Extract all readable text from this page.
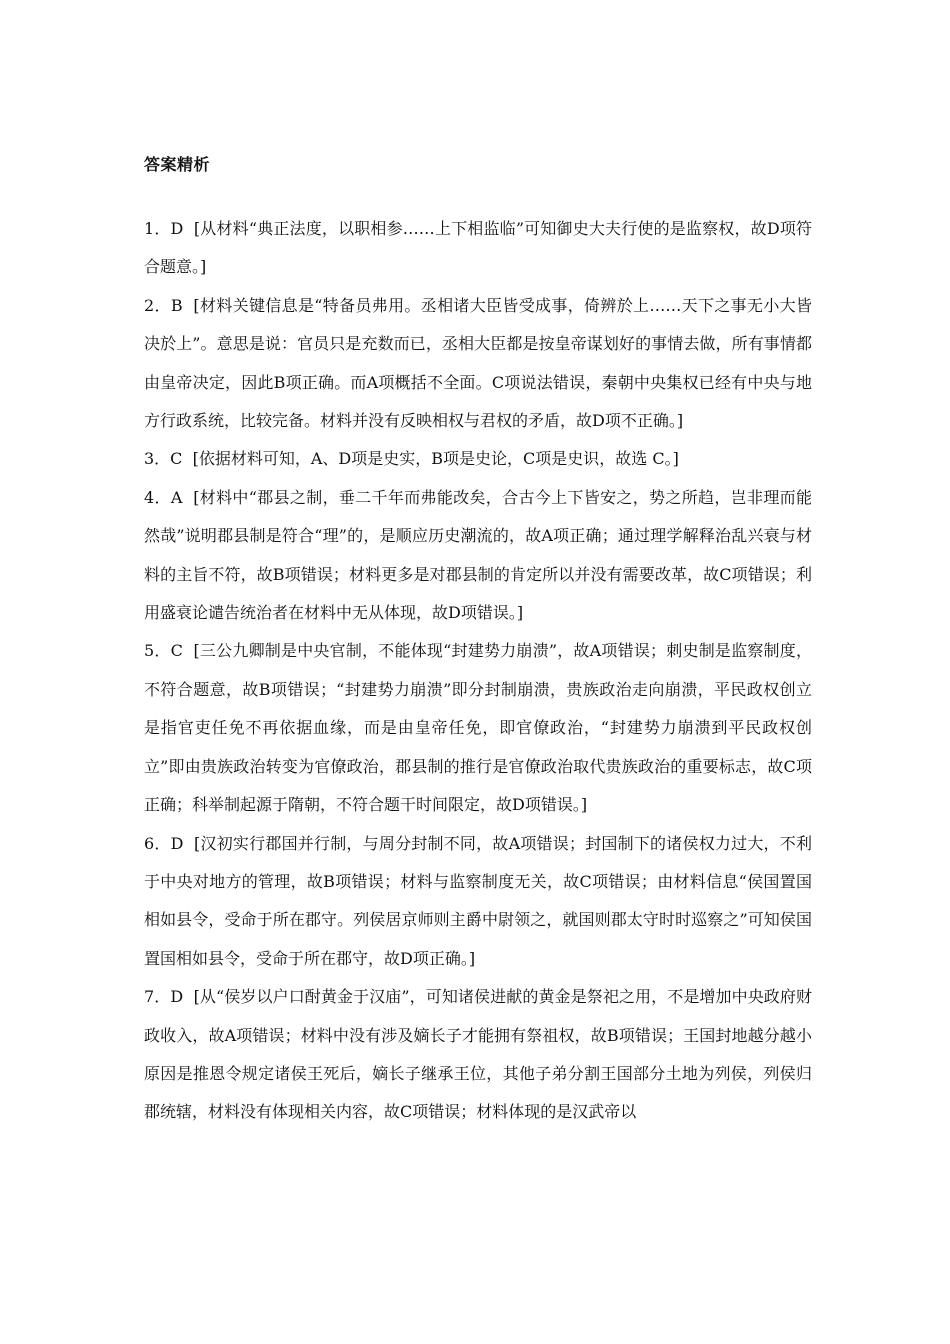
答案精析

1．D [从材料“典正法度，以职相参……上下相监临”可知御史大夫行使的是监察权，故D项符合题意。]

2．B [材料关键信息是“特备员弗用。丞相诸大臣皆受成事，倚辨於上……天下之事无小大皆决於上”。意思是说：官员只是充数而已，丞相大臣都是按皇帝谋划好的事情去做，所有事情都由皇帝决定，因此B项正确。而A项概括不全面。C项说法错误，秦朝中央集权已经有中央与地方行政系统，比较完备。材料并没有反映相权与君权的矛盾，故D项不正确。]

3．C [依据材料可知，A、D项是史实，B项是史论，C项是史识，故选 C。]

4．A [材料中“郡县之制，垂二千年而弗能改矣，合古今上下皆安之，势之所趋，岂非理而能然哉”说明郡县制是符合“理”的，是顺应历史潮流的，故A项正确；通过理学解释治乱兴衰与材料的主旨不符，故B项错误；材料更多是对郡县制的肯定所以并没有需要改革，故C项错误；利用盛衰论谴告统治者在材料中无从体现，故D项错误。]

5．C [三公九卿制是中央官制，不能体现“封建势力崩溃”，故A项错误；刺史制是监察制度，不符合题意，故B项错误；“封建势力崩溃”即分封制崩溃，贵族政治走向崩溃，平民政权创立是指官吏任免不再依据血缘，而是由皇帝任免，即官僚政治，“封建势力崩溃到平民政权创立”即由贵族政治转变为官僚政治，郡县制的推行是官僚政治取代贵族政治的重要标志，故C项正确；科举制起源于隋朝，不符合题干时间限定，故D项错误。]

6．D [汉初实行郡国并行制，与周分封制不同，故A项错误；封国制下的诸侯权力过大，不利于中央对地方的管理，故B项错误；材料与监察制度无关，故C项错误；由材料信息“侯国置国相如县令，受命于所在郡守。列侯居京师则主爵中尉领之，就国则郡太守时时巡察之”可知侯国置国相如县令，受命于所在郡守，故D项正确。]

7．D [从“侯岁以户口酎黄金于汉庙”，可知诸侯进献的黄金是祭祀之用，不是增加中央政府财政收入，故A项错误；材料中没有涉及嫡长子才能拥有祭祖权，故B项错误；王国封地越分越小原因是推恩令规定诸侯王死后，嫡长子继承王位，其他子弟分割王国部分土地为列侯，列侯归郡统辖，材料没有体现相关内容，故C项错误；材料体现的是汉武帝以
